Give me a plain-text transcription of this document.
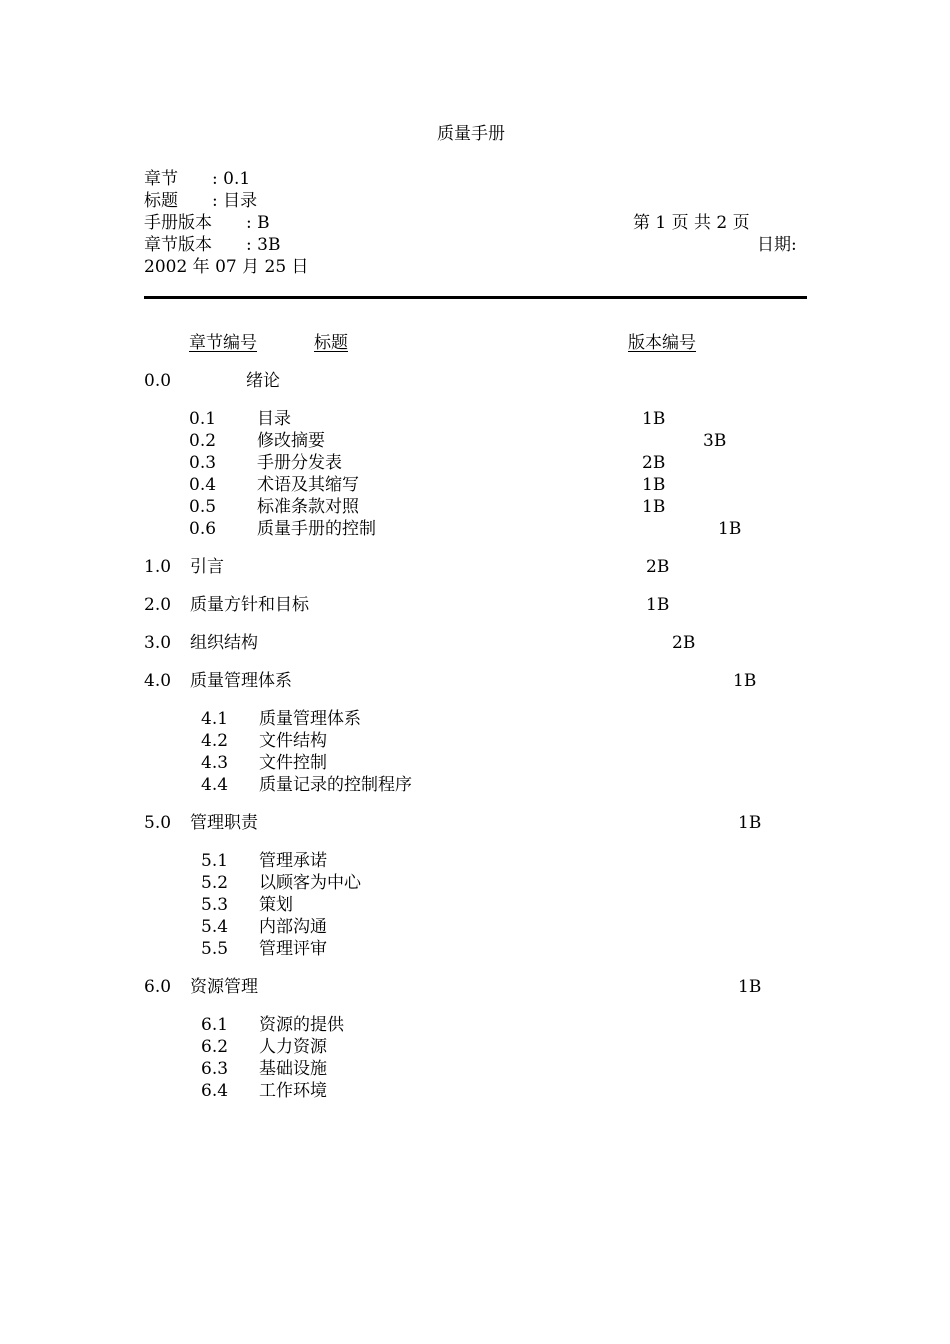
质量手册
章节 : 0.1
标题 : 目录
手册版本 : B	第 1 页 共 2 页
章节版本 : 3B	日期:
2002 年 07 月 25 日
章节编号	标题	版本编号
0.0	绪论
0.1 目录	1B
0.2 修改摘要	3B
0.3 手册分发表	2B
0.4 术语及其缩写	1B
0.5 标准条款对照	1B
0.6 质量手册的控制	1B
1.0 引言	2B
2.0 质量方针和目标	1B
3.0 组织结构	2B
4.0 质量管理体系	1B
4.1 质量管理体系
4.2 文件结构
4.3 文件控制
4.4 质量记录的控制程序
5.0 管理职责	1B
5.1 管理承诺
5.2 以顾客为中心
5.3 策划
5.4 内部沟通
5.5 管理评审
6.0 资源管理	1B
6.1 资源的提供
6.2 人力资源
6.3 基础设施
6.4 工作环境
